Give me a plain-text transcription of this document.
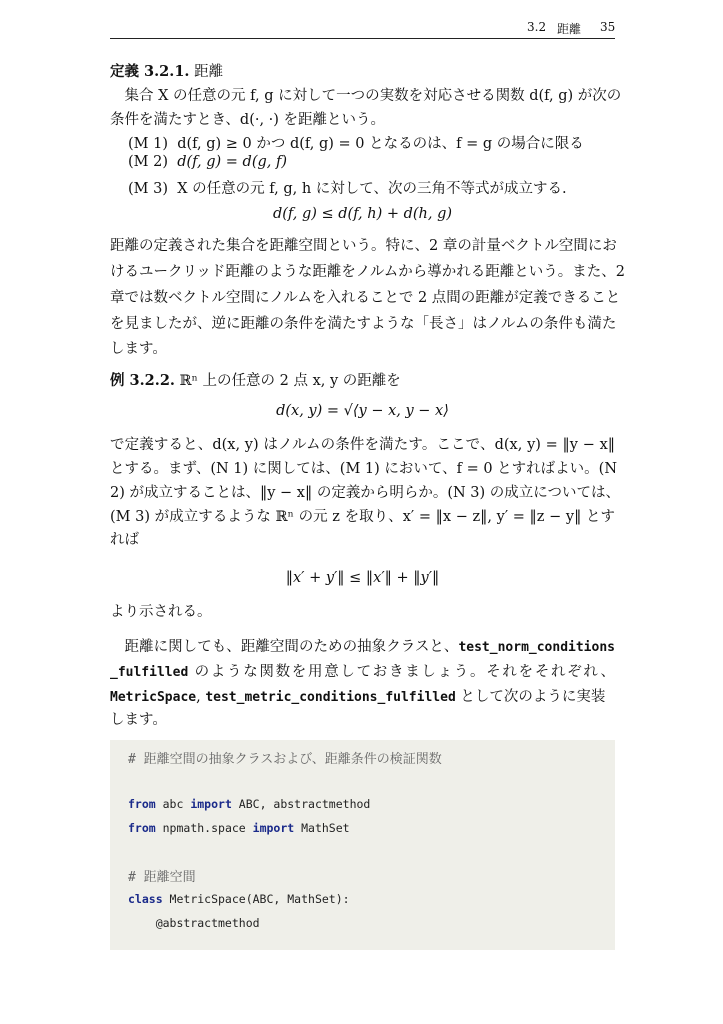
3.2 距離 35
定義 3.2.1. 距離
　集合 X の任意の元 f, g に対して一つの実数を対応させる関数 d(f, g) が次の
条件を満たすとき、d(·, ·) を距離という。
(M 1) d(f, g) ≥ 0 かつ d(f, g) = 0 となるのは、f = g の場合に限る
(M 2) d(f, g) = d(g, f)
(M 3) X の任意の元 f, g, h に対して、次の三角不等式が成立する.
d(f, g) ≤ d(f, h) + d(h, g)
距離の定義された集合を距離空間という。特に、2 章の計量ベクトル空間にお
けるユークリッド距離のような距離をノルムから導かれる距離という。また、2
章では数ベクトル空間にノルムを入れることで 2 点間の距離が定義できること
を見ましたが、逆に距離の条件を満たすような「長さ」はノルムの条件も満た
します。
例 3.2.2. ℝⁿ 上の任意の 2 点 x, y の距離を
d(x, y) = √⟨y − x, y − x⟩
で定義すると、d(x, y) はノルムの条件を満たす。ここで、d(x, y) = ‖y − x‖
とする。まず、(N 1) に関しては、(M 1) において、f = 0 とすればよい。(N
2) が成立することは、‖y − x‖ の定義から明らか。(N 3) の成立については、
(M 3) が成立するような ℝⁿ の元 z を取り、x′ = ‖x − z‖, y′ = ‖z − y‖ とす
れば
‖x′ + y′‖ ≤ ‖x′‖ + ‖y′‖
より示される。
　距離に関しても、距離空間のための抽象クラスと、test_norm_conditions
_fulfilled のような関数を用意しておきましょう。それをそれぞれ、
MetricSpace, test_metric_conditions_fulfilled として次のように実装
します。
# 距離空間の抽象クラスおよび、距離条件の検証関数
from abc import ABC, abstractmethod
from npmath.space import MathSet
# 距離空間
class MetricSpace(ABC, MathSet):
@abstractmethod
